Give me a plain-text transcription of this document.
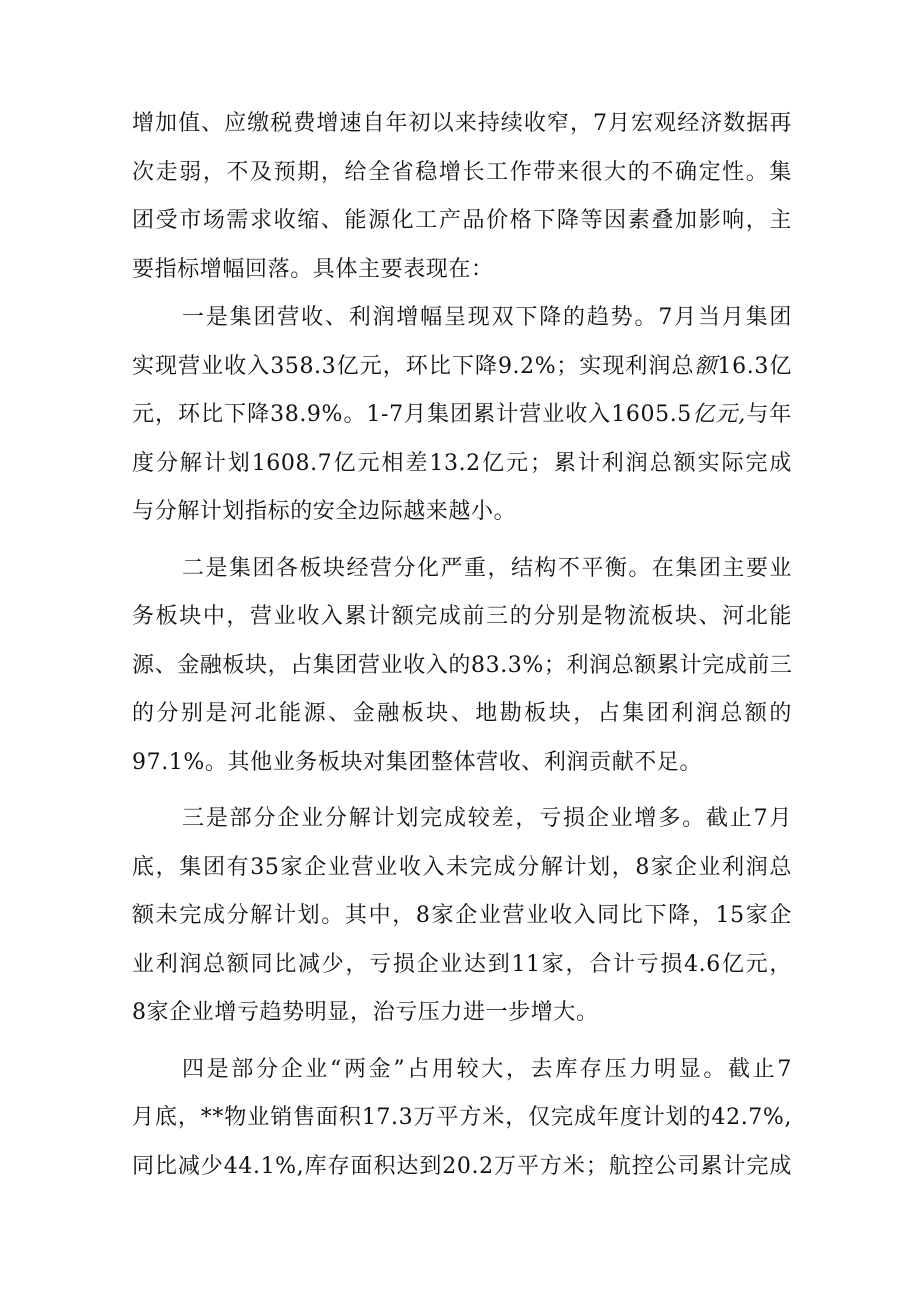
增加值、应缴税费增速自年初以来持续收窄，7月宏观经济数据再
次走弱，不及预期，给全省稳增长工作带来很大的不确定性。集
团受市场需求收缩、能源化工产品价格下降等因素叠加影响，主
要指标增幅回落。具体主要表现在：
一是集团营收、利润增幅呈现双下降的趋势。7月当月集团
实现营业收入358.3亿元，环比下降9.2%；实现利润总额16.3亿
元，环比下降38.9%。1-7月集团累计营业收入1605.5亿元,与年
度分解计划1608.7亿元相差13.2亿元；累计利润总额实际完成
与分解计划指标的安全边际越来越小。
二是集团各板块经营分化严重，结构不平衡。在集团主要业
务板块中，营业收入累计额完成前三的分别是物流板块、河北能
源、金融板块，占集团营业收入的83.3%；利润总额累计完成前三
的分别是河北能源、金融板块、地勘板块，占集团利润总额的
97.1%。其他业务板块对集团整体营收、利润贡献不足。
三是部分企业分解计划完成较差，亏损企业增多。截止7月
底，集团有35家企业营业收入未完成分解计划，8家企业利润总
额未完成分解计划。其中，8家企业营业收入同比下降，15家企
业利润总额同比减少，亏损企业达到11家，合计亏损4.6亿元，
8家企业增亏趋势明显，治亏压力进一步增大。
四是部分企业“两金”占用较大，去库存压力明显。截止7
月底，**物业销售面积17.3万平方米，仅完成年度计划的42.7%,
同比减少44.1%,库存面积达到20.2万平方米；航控公司累计完成
